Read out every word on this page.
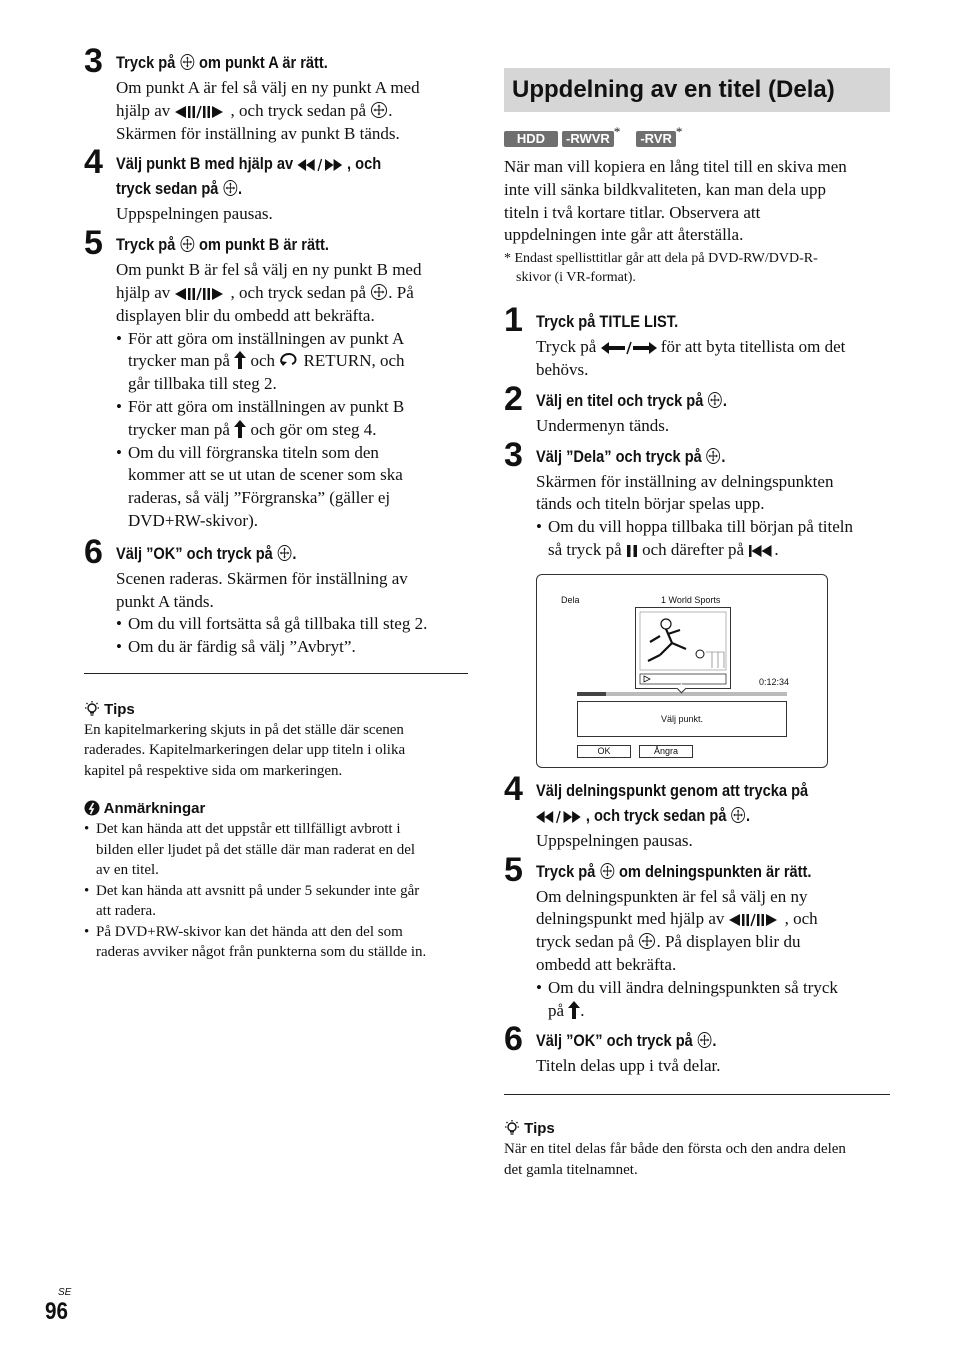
3 Tryck på om punkt A är rätt.

Om punkt A är fel så välj en ny punkt A med

hjälp av	, och tryck sedan på .

Skärmen för inställning av punkt B tänds.

4 Välj punkt B med hjälp av	, och
tryck sedan på .

Uppspelningen pausas.

5 Tryck på om punkt B är rätt.

Om punkt B är fel så välj en ny punkt B med

hjälp av	, och tryck sedan på . På

displayen blir du ombedd att bekräfta.

• För att göra om inställningen av punkt A
trycker man på och RETURN, och
går tillbaka till steg 2.
• För att göra om inställningen av punkt B
trycker man på och gör om steg 4.
• Om du vill förgranska titeln som den
kommer att se ut utan de scener som ska
raderas, så välj ”Förgranska” (gäller ej
DVD+RW-skivor).
6 Välj ”OK” och tryck på .

Scenen raderas. Skärmen för inställning av

punkt A tänds.

• Om du vill fortsätta så gå tillbaka till steg 2.
• Om du är färdig så välj ”Avbryt”.
Tips
En kapitelmarkering skjuts in på det ställe där scenen
raderades. Kapitelmarkeringen delar upp titeln i olika
kapitel på respektive sida om markeringen.
Anmärkningar
• Det kan hända att det uppstår ett tillfälligt avbrott i
bilden eller ljudet på det ställe där man raderat en del
av en titel.
• Det kan hända att avsnitt på under 5 sekunder inte går
att radera.
• På DVD+RW-skivor kan det hända att den del som
raderas avviker något från punkterna som du ställde in.
Uppdelning av en titel (Dela)
HDD -RWVR * -RVR *

När man vill kopiera en lång titel till en skiva men

inte vill sänka bildkvaliteten, kan man dela upp

titeln i två kortare titlar. Observera att

uppdelningen inte går att återställa.

* Endast spellisttitlar går att dela på DVD-RW/DVD-R-
skivor (i VR-format).
1 Tryck på TITLE LIST.

Tryck på	för att byta titellista om det

behövs.

2 Välj en titel och tryck på .

Undermenyn tänds.

3 Välj ”Dela” och tryck på .

Skärmen för inställning av delningspunkten

tänds och titeln börjar spelas upp.

• Om du vill hoppa tillbaka till början på titeln
så tryck på och därefter på .
Dela	1 World Sports
0:12:34
Välj punkt.
OK	Ångra
4 Välj delningspunkt genom att trycka på
, och tryck sedan på .

Uppspelningen pausas.

5 Tryck på om delningspunkten är rätt.

Om delningspunkten är fel så välj en ny

delningspunkt med hjälp av	, och

tryck sedan på . På displayen blir du

ombedd att bekräfta.

• Om du vill ändra delningspunkten så tryck
på .
6 Välj ”OK” och tryck på .

Titeln delas upp i två delar.

Tips
När en titel delas får både den första och den andra delen
det gamla titelnamnet.
SE
96
